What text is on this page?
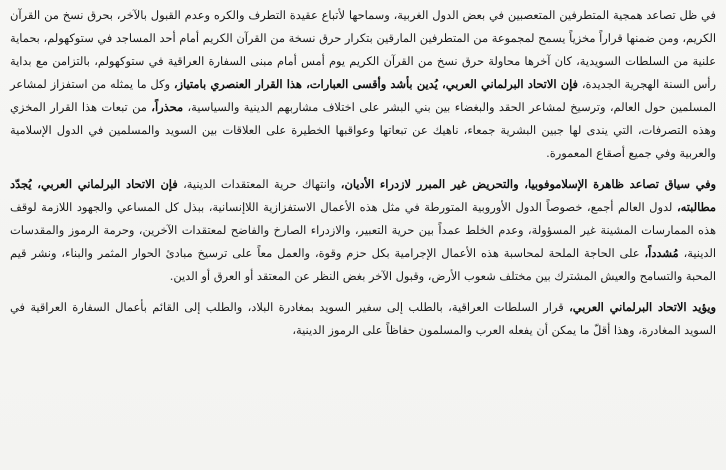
في ظل تصاعد همجية المتطرفين المتعصبين في بعض الدول الغربية، وسماحها لأتباع عقيدة التطرف والكره وعدم القبول بالآخر، بحرق نسخ من القرآن الكريم، ومن ضمنها قراراً مخزياً يسمح لمجموعة من المتطرفين المارقين بتكرار حرق نسخة من القرآن الكريم أمام أحد المساجد في ستوكهولم، بحماية علنية من السلطات السويدية، كان آخرها محاولة حرق نسخ من القرآن الكريم يوم أمس أمام مبنى السفارة العراقية في ستوكهولم، بالتزامن مع بداية رأس السنة الهجرية الجديدة، فإن الاتحاد البرلماني العربي، يُدين بأشد وأقسى العبارات، هذا القرار العنصري بامتياز، وكل ما يمثله من استفزاز لمشاعر المسلمين حول العالم، وترسيخ لمشاعر الحقد والبغضاء بين بني البشر على اختلاف مشاربهم الدينية والسياسية، محذراً، من تبعات هذا القرار المخزي وهذه التصرفات، التي يندى لها جبين البشرية جمعاء، ناهيك عن تبعاتها وعواقبها الخطيرة على العلاقات بين السويد والمسلمين في الدول الإسلامية والعربية وفي جميع أصقاع المعمورة.

وفي سياق تصاعد ظاهرة الإسلاموفوبيا، والتحريض غير المبرر لازدراء الأديان، وانتهاك حرية المعتقدات الدينية، فإن الاتحاد البرلماني العربي، يُجدّد مطالبته، لدول العالم أجمع، خصوصاً الدول الأوروبية المتورطة في مثل هذه الأعمال الاستفزازية اللاإنسانية، ببذل كل المساعي والجهود اللازمة لوقف هذه الممارسات المشينة غير المسؤولة، وعدم الخلط عمداً بين حرية التعبير، والازدراء الصارخ والفاضح لمعتقدات الآخرين، وحرمة الرموز والمقدسات الدينية، مُشدداً، على الحاجة الملحة لمحاسبة هذه الأعمال الإجرامية بكل حزم وقوة، والعمل معاً على ترسيخ مبادئ الحوار المثمر والبناء، ونشر قيم المحبة والتسامح والعيش المشترك بين مختلف شعوب الأرض، وقبول الآخر بغض النظر عن المعتقد أو العرق أو الدين.

ويؤيد الاتحاد البرلماني العربي، قرار السلطات العراقية، بالطلب إلى سفير السويد بمغادرة البلاد، والطلب إلى القائم بأعمال السفارة العراقية في السويد المغادرة، وهذا أقلّ ما يمكن أن يفعله العرب والمسلمون حفاظاً على الرموز الدينية،
